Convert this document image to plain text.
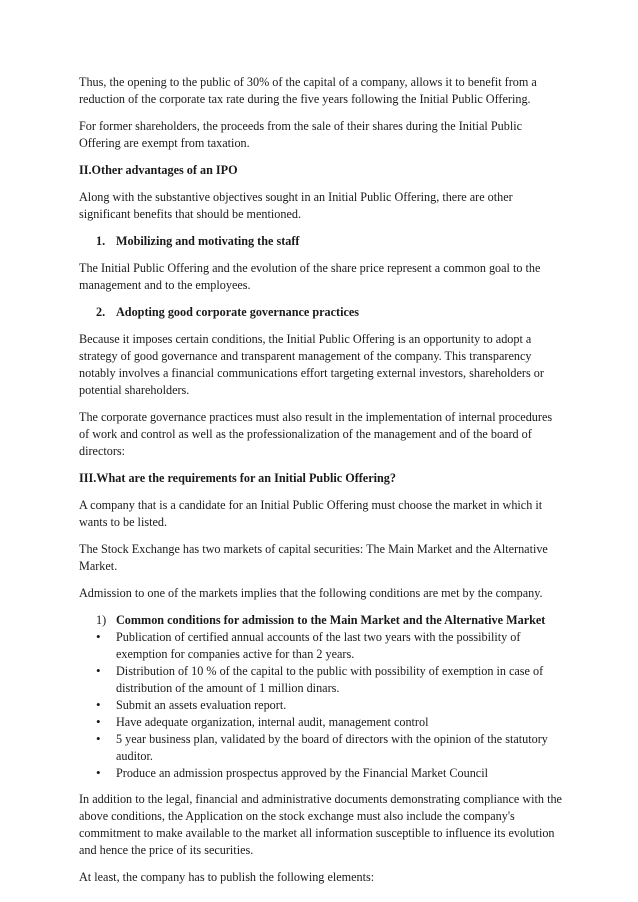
Thus, the opening to the public of 30% of the capital of a company, allows it to benefit from a reduction of the corporate tax rate during the five years following the Initial Public Offering.

For former shareholders, the proceeds from the sale of their shares during the Initial Public Offering are exempt from taxation.

II.Other advantages of an IPO

Along with the substantive objectives sought in an Initial Public Offering, there are other significant benefits that should be mentioned.

1. Mobilizing and motivating the staff

The Initial Public Offering and the evolution of the share price represent a common goal to the management and to the employees.

2. Adopting good corporate governance practices

Because it imposes certain conditions, the Initial Public Offering is an opportunity to adopt a strategy of good governance and transparent management of the company. This transparency notably involves a financial communications effort targeting external investors, shareholders or potential shareholders.

The corporate governance practices must also result in the implementation of internal procedures of work and control as well as the professionalization of the management and of the board of directors:

III.What are the requirements for an Initial Public Offering?

A company that is a candidate for an Initial Public Offering must choose the market in which it wants to be listed.

The Stock Exchange has two markets of capital securities: The Main Market and the Alternative Market.

Admission to one of the markets implies that the following conditions are met by the company.

1) Common conditions for admission to the Main Market and the Alternative Market
•	Publication of certified annual accounts of the last two years with the possibility of exemption for companies active for than 2 years.
•	Distribution of 10 % of the capital to the public with possibility of exemption in case of distribution of the amount of 1 million dinars.
•	Submit an assets evaluation report.
•	Have adequate organization, internal audit, management control
•	5 year business plan, validated by the board of directors with the opinion of the statutory auditor.
•	Produce an admission prospectus approved by the Financial Market Council

In addition to the legal, financial and administrative documents demonstrating compliance with the above conditions, the Application on the stock exchange must also include the company's commitment to make available to the market all information susceptible to influence its evolution and hence the price of its securities.

At least, the company has to publish the following elements:
